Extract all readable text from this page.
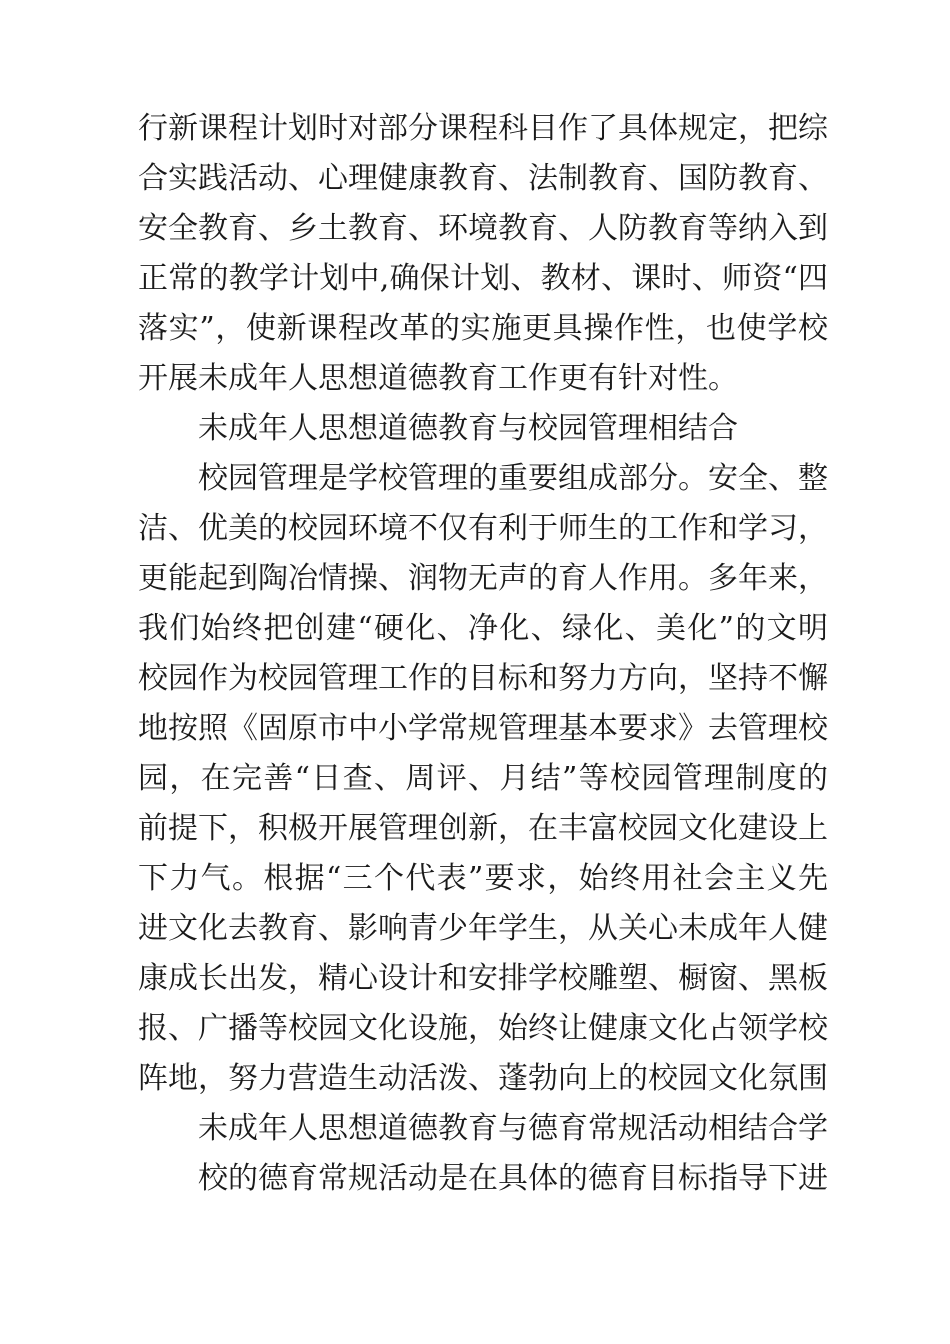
行新课程计划时对部分课程科目作了具体规定，把综
合实践活动、心理健康教育、法制教育、国防教育、
安全教育、乡土教育、环境教育、人防教育等纳入到
正常的教学计划中,确保计划、教材、课时、师资“四
落实”，使新课程改革的实施更具操作性，也使学校
开展未成年人思想道德教育工作更有针对性。
未成年人思想道德教育与校园管理相结合
校园管理是学校管理的重要组成部分。安全、整
洁、优美的校园环境不仅有利于师生的工作和学习，
更能起到陶冶情操、润物无声的育人作用。多年来，
我们始终把创建“硬化、净化、绿化、美化”的文明
校园作为校园管理工作的目标和努力方向，坚持不懈
地按照《固原市中小学常规管理基本要求》去管理校
园，在完善“日查、周评、月结”等校园管理制度的
前提下，积极开展管理创新，在丰富校园文化建设上
下力气。根据“三个代表”要求，始终用社会主义先
进文化去教育、影响青少年学生，从关心未成年人健
康成长出发，精心设计和安排学校雕塑、橱窗、黑板
报、广播等校园文化设施，始终让健康文化占领学校
阵地，努力营造生动活泼、蓬勃向上的校园文化氛围
未成年人思想道德教育与德育常规活动相结合学
校的德育常规活动是在具体的德育目标指导下进
